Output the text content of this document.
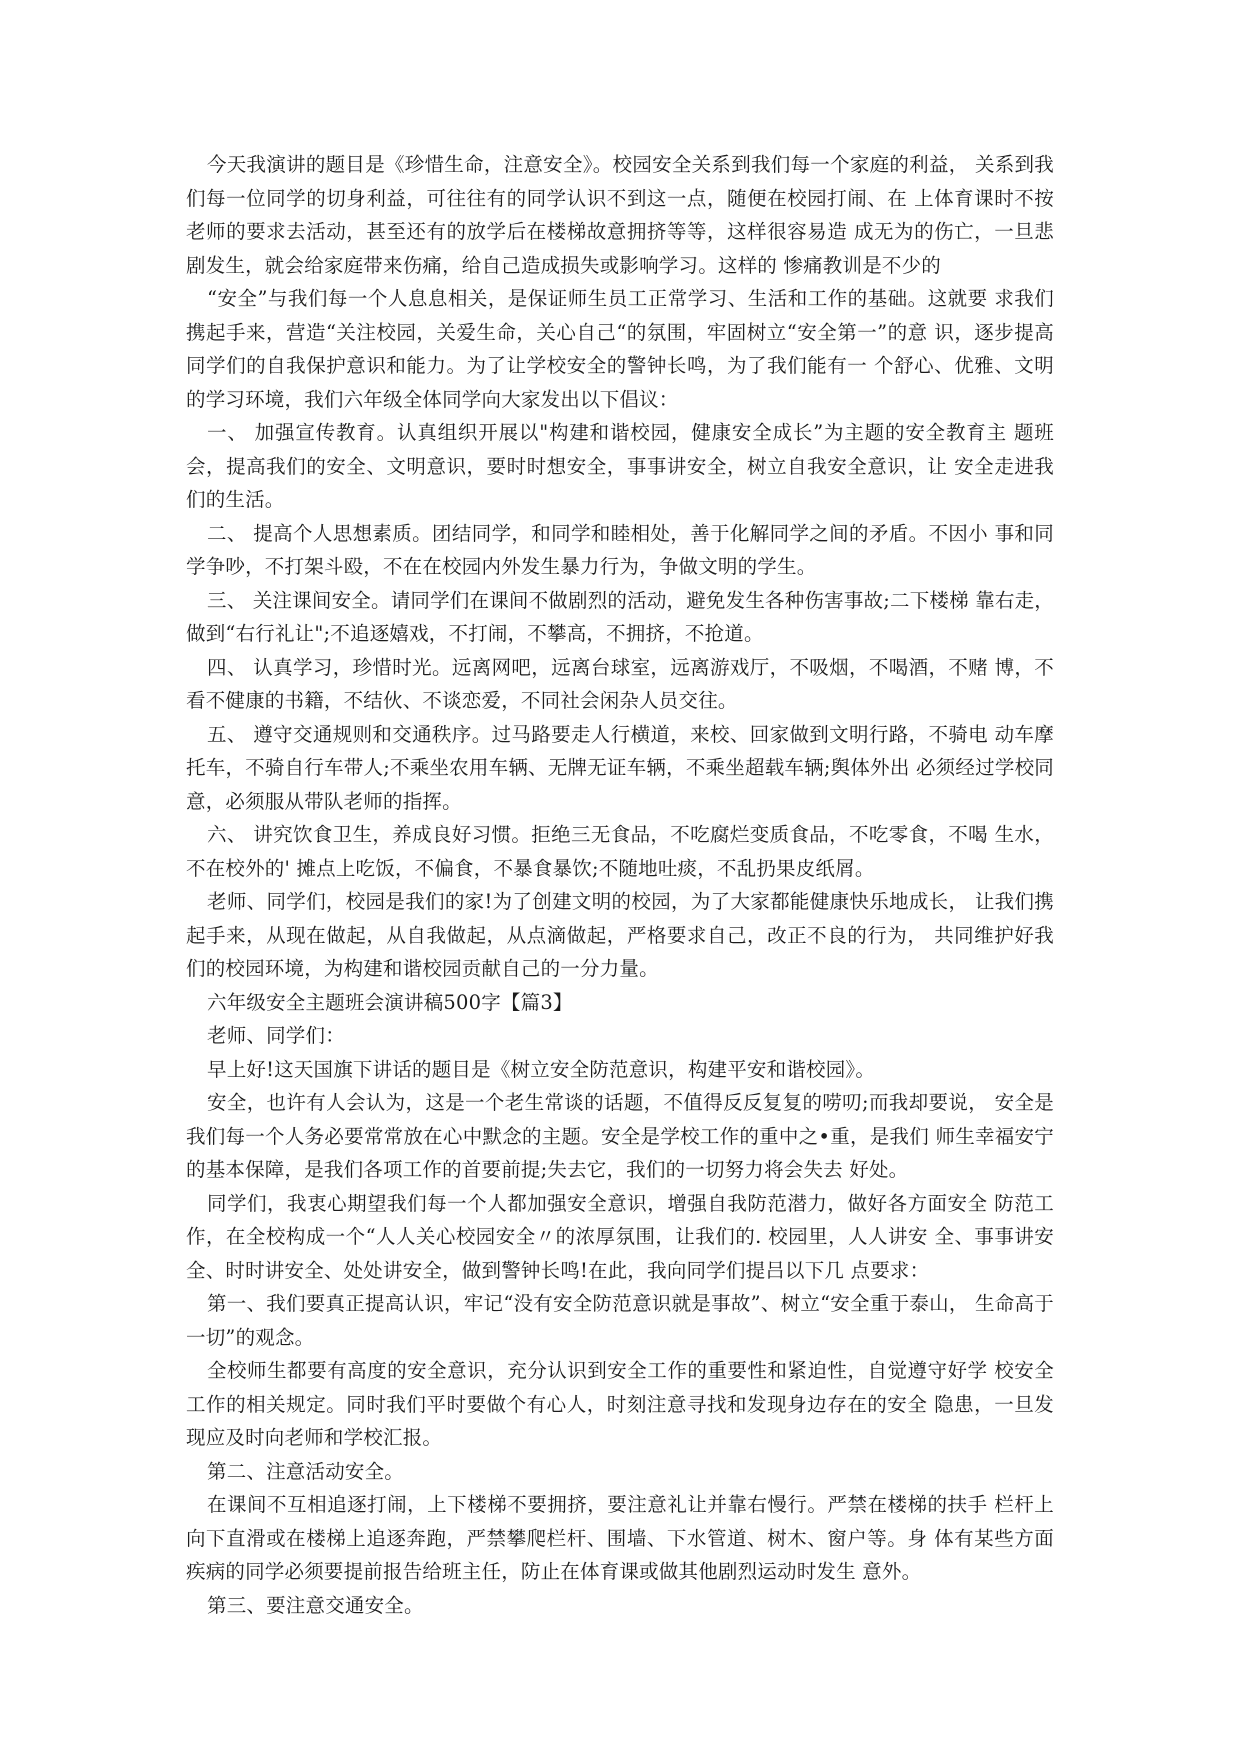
今天我演讲的题目是《珍惜生命，注意安全》。校园安全关系到我们每一个家庭的利益， 关系到我们每一位同学的切身利益，可往往有的同学认识不到这一点，随便在校园打闹、在 上体育课时不按老师的要求去活动，甚至还有的放学后在楼梯故意拥挤等等，这样很容易造 成无为的伤亡，一旦悲剧发生，就会给家庭带来伤痛，给自己造成损失或影响学习。这样的 惨痛教训是不少的

“安全”与我们每一个人息息相关，是保证师生员工正常学习、生活和工作的基础。这就要 求我们携起手来，营造“关注校园，关爱生命，关心自己“的氛围，牢固树立“安全第一”的意 识，逐步提高同学们的自我保护意识和能力。为了让学校安全的警钟长鸣，为了我们能有一 个舒心、优雅、文明的学习环境，我们六年级全体同学向大家发出以下倡议：

一、 加强宣传教育。认真组织开展以"构建和谐校园，健康安全成长”为主题的安全教育主 题班会，提高我们的安全、文明意识，要时时想安全，事事讲安全，树立自我安全意识，让 安全走进我们的生活。

二、 提高个人思想素质。团结同学，和同学和睦相处，善于化解同学之间的矛盾。不因小 事和同学争吵，不打架斗殴，不在在校园内外发生暴力行为，争做文明的学生。

三、 关注课间安全。请同学们在课间不做剧烈的活动，避免发生各种伤害事故;二下楼梯 靠右走，做到“右行礼让";不追逐嬉戏，不打闹，不攀高，不拥挤，不抢道。

四、 认真学习，珍惜时光。远离网吧，远离台球室，远离游戏厅，不吸烟，不喝酒，不赌 博，不看不健康的书籍，不结伙、不谈恋爱，不同社会闲杂人员交往。

五、 遵守交通规则和交通秩序。过马路要走人行横道，来校、回家做到文明行路，不骑电 动车摩托车，不骑自行车带人;不乘坐农用车辆、无牌无证车辆，不乘坐超载车辆;舆体外出 必须经过学校同意，必须服从带队老师的指挥。

六、 讲究饮食卫生，养成良好习惯。拒绝三无食品，不吃腐烂变质食品，不吃零食，不喝 生水，不在校外的' 摊点上吃饭，不偏食，不暴食暴饮;不随地吐痰，不乱扔果皮纸屑。

老师、同学们，校园是我们的家!为了创建文明的校园，为了大家都能健康快乐地成长， 让我们携起手来，从现在做起，从自我做起，从点滴做起，严格要求自己，改正不良的行为， 共同维护好我们的校园环境，为构建和谐校园贡献自己的一分力量。

六年级安全主题班会演讲稿500字【篇3】

老师、同学们：

早上好!这天国旗下讲话的题目是《树立安全防范意识，构建平安和谐校园》。

安全，也许有人会认为，这是一个老生常谈的话题，不值得反反复复的唠叨;而我却要说， 安全是我们每一个人务必要常常放在心中默念的主题。安全是学校工作的重中之•重，是我们 师生幸福安宁的基本保障，是我们各项工作的首要前提;失去它，我们的一切努力将会失去 好处。

同学们，我衷心期望我们每一个人都加强安全意识，增强自我防范潜力，做好各方面安全 防范工作，在全校构成一个“人人关心校园安全〃的浓厚氛围，让我们的. 校园里，人人讲安 全、事事讲安全、时时讲安全、处处讲安全，做到警钟长鸣!在此，我向同学们提吕以下几 点要求：

第一、我们要真正提高认识，牢记“没有安全防范意识就是事故”、树立“安全重于泰山， 生命高于一切”的观念。

全校师生都要有高度的安全意识，充分认识到安全工作的重要性和紧迫性，自觉遵守好学 校安全工作的相关规定。同时我们平时要做个有心人，时刻注意寻找和发现身边存在的安全 隐患，一旦发现应及时向老师和学校汇报。

第二、注意活动安全。

在课间不互相追逐打闹，上下楼梯不要拥挤，要注意礼让并靠右慢行。严禁在楼梯的扶手 栏杆上向下直滑或在楼梯上追逐奔跑，严禁攀爬栏杆、围墙、下水管道、树木、窗户等。身 体有某些方面疾病的同学必须要提前报告给班主任，防止在体育课或做其他剧烈运动时发生 意外。

第三、要注意交通安全。
